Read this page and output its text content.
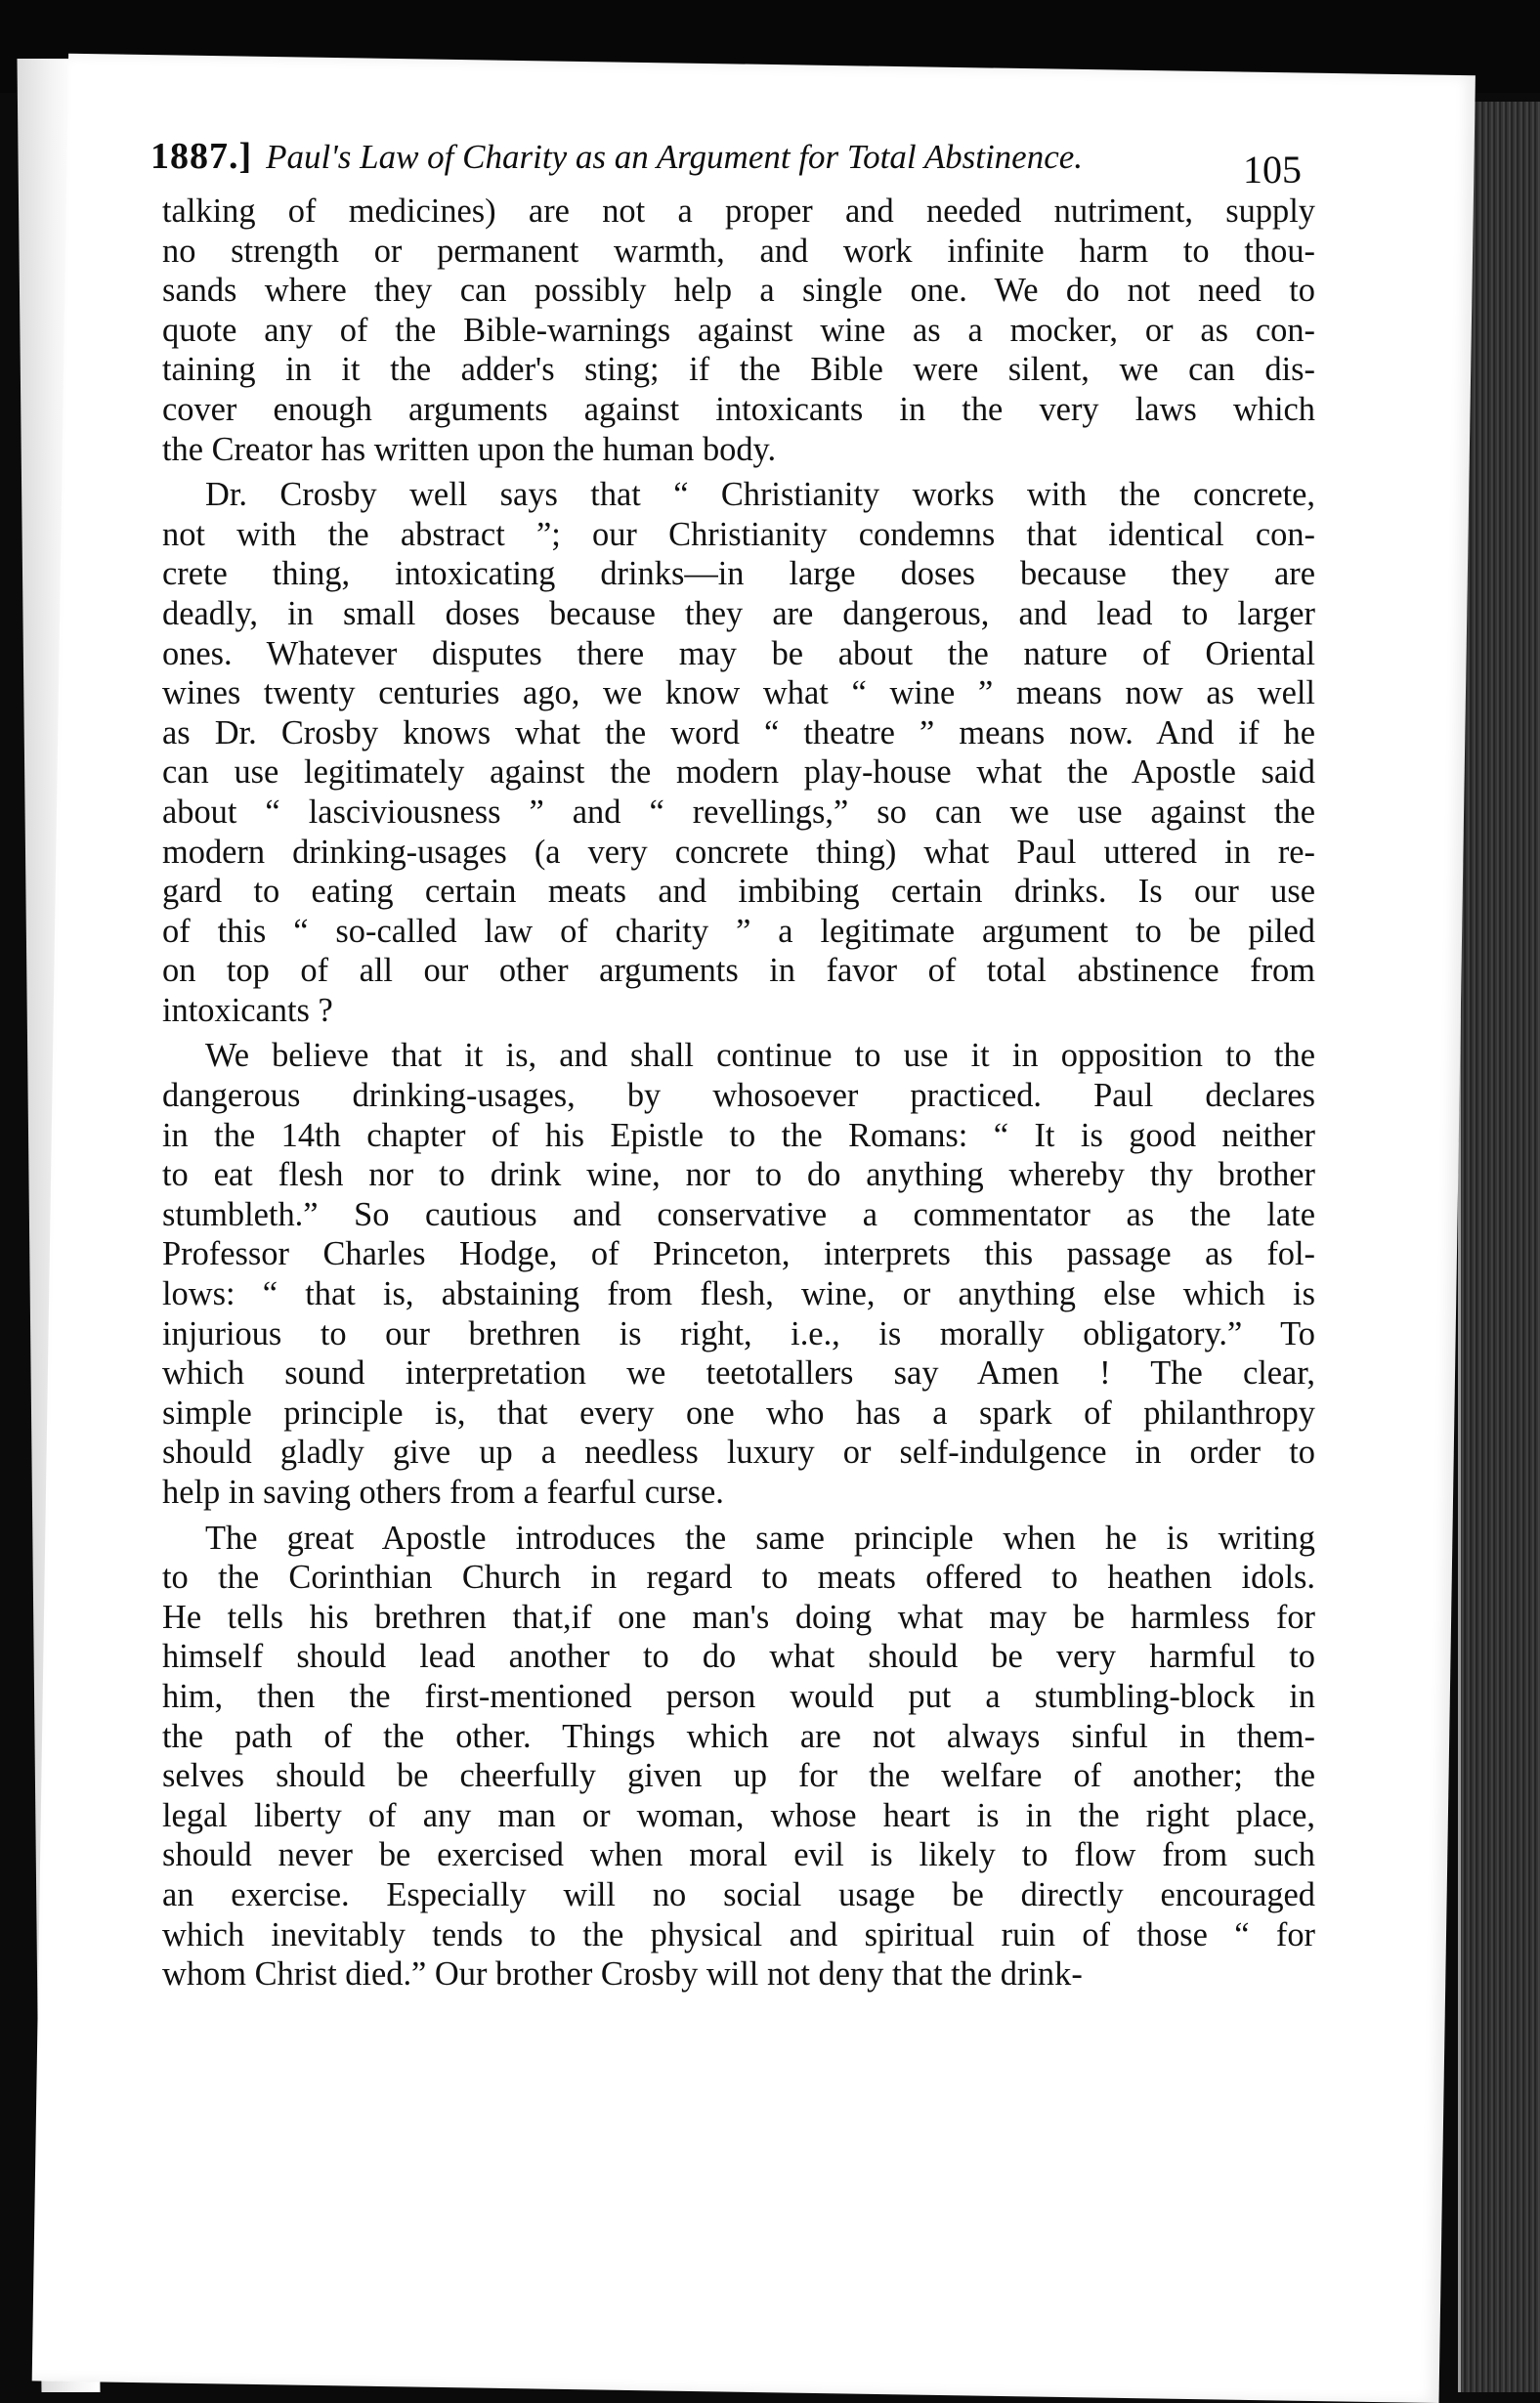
1887.] Paul's Law of Charity as an Argument for Total Abstinence.	105
talking of medicines) are not a proper and needed nutriment, supply
no strength or permanent warmth, and work infinite harm to thou-
sands where they can possibly help a single one. We do not need to
quote any of the Bible-warnings against wine as a mocker, or as con-
taining in it the adder's sting; if the Bible were silent, we can dis-
cover enough arguments against intoxicants in the very laws which
the Creator has written upon the human body.
Dr. Crosby well says that “ Christianity works with the concrete,
not with the abstract ”; our Christianity condemns that identical con-
crete thing, intoxicating drinks—in large doses because they are
deadly, in small doses because they are dangerous, and lead to larger
ones. Whatever disputes there may be about the nature of Oriental
wines twenty centuries ago, we know what “ wine ” means now as well
as Dr. Crosby knows what the word “ theatre ” means now. And if he
can use legitimately against the modern play-house what the Apostle said
about “ lasciviousness ” and “ revellings,” so can we use against the
modern drinking-usages (a very concrete thing) what Paul uttered in re-
gard to eating certain meats and imbibing certain drinks. Is our use
of this “ so-called law of charity ” a legitimate argument to be piled
on top of all our other arguments in favor of total abstinence from
intoxicants ?
We believe that it is, and shall continue to use it in opposition to the
dangerous drinking-usages, by whosoever practiced. Paul declares
in the 14th chapter of his Epistle to the Romans: “ It is good neither
to eat flesh nor to drink wine, nor to do anything whereby thy brother
stumbleth.” So cautious and conservative a commentator as the late
Professor Charles Hodge, of Princeton, interprets this passage as fol-
lows: “ that is, abstaining from flesh, wine, or anything else which is
injurious to our brethren is right, i.e., is morally obligatory.” To
which sound interpretation we teetotallers say Amen ! The clear,
simple principle is, that every one who has a spark of philanthropy
should gladly give up a needless luxury or self-indulgence in order to
help in saving others from a fearful curse.
The great Apostle introduces the same principle when he is writing
to the Corinthian Church in regard to meats offered to heathen idols.
He tells his brethren that,if one man's doing what may be harmless for
himself should lead another to do what should be very harmful to
him, then the first-mentioned person would put a stumbling-block in
the path of the other. Things which are not always sinful in them-
selves should be cheerfully given up for the welfare of another; the
legal liberty of any man or woman, whose heart is in the right place,
should never be exercised when moral evil is likely to flow from such
an exercise. Especially will no social usage be directly encouraged
which inevitably tends to the physical and spiritual ruin of those “ for
whom Christ died.” Our brother Crosby will not deny that the drink-
